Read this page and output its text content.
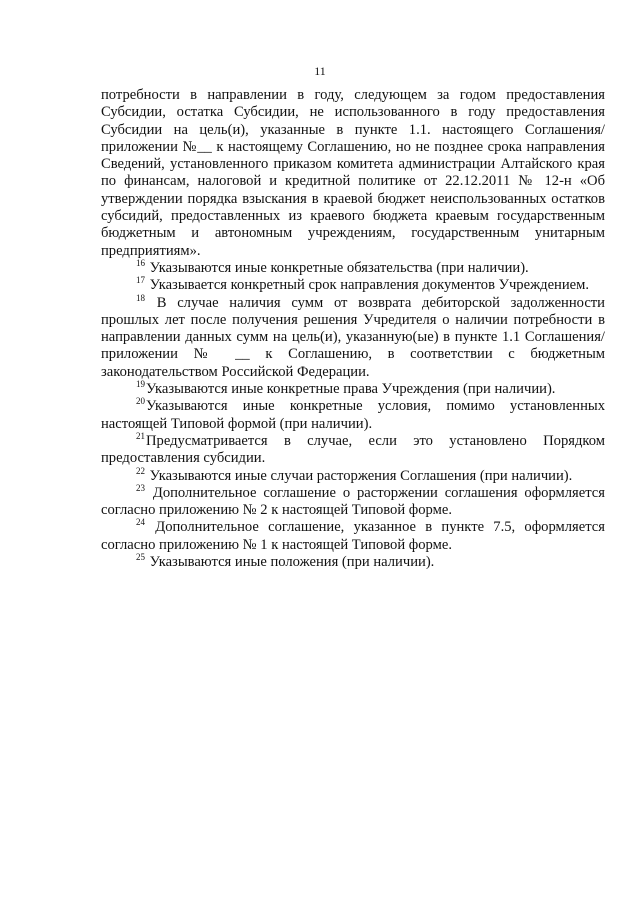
11

потребности в направлении в году, следующем за годом предоставления Субсидии, остатка Субсидии, не использованного в году предоставления Субсидии на цель(и), указанные в пункте 1.1. настоящего Соглашения/ приложении №__ к настоящему Соглашению, но не позднее срока направления Сведений, установленного приказом комитета администрации Алтайского края по финансам, налоговой и кредитной политике от 22.12.2011 № 12-н «Об утверждении порядка взыскания в краевой бюджет неиспользованных остатков субсидий, предоставленных из краевого бюджета краевым государственным бюджетным и автономным учреждениям, государственным унитарным предприятиям».

$^{16}$ Указываются иные конкретные обязательства (при наличии).

$^{17}$ Указывается конкретный срок направления документов Учреждением.

$^{18}$ В случае наличия сумм от возврата дебиторской задолженности прошлых лет после получения решения Учредителя о наличии потребности в направлении данных сумм на цель(и), указанную(ые) в пункте 1.1 Соглашения/ приложении № __ к Соглашению, в соответствии с бюджетным законодательством Российской Федерации.

$^{19}$Указываются иные конкретные права Учреждения (при наличии).

$^{20}$Указываются иные конкретные условия, помимо установленных настоящей Типовой формой (при наличии).

$^{21}$Предусматривается в случае, если это установлено Порядком предоставления субсидии.

$^{22}$ Указываются иные случаи расторжения Соглашения (при наличии).

$^{23}$ Дополнительное соглашение о расторжении соглашения оформляется согласно приложению № 2 к настоящей Типовой форме.

$^{24}$ Дополнительное соглашение, указанное в пункте 7.5, оформляется согласно приложению № 1 к настоящей Типовой форме.

$^{25}$ Указываются иные положения (при наличии).
